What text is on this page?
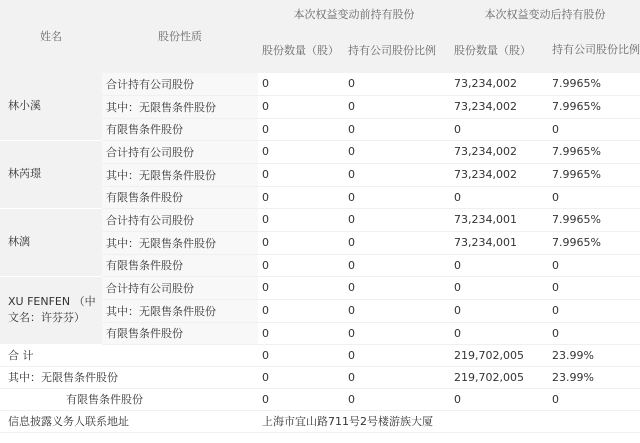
姓名	股份性质	本次权益变动前持有股份		本次权益变动后持有股份	
		股份数量（股）	持有公司股份比例	股份数量（股）	持有公司股份比例
林小溪	合计持有公司股份	0	0	73,234,002	7.9965%
	其中：无限售条件股份	0	0	73,234,002	7.9965%
	有限售条件股份	0	0	0	0
林芮璟	合计持有公司股份	0	0	73,234,002	7.9965%
	其中：无限售条件股份	0	0	73,234,002	7.9965%
	有限售条件股份	0	0	0	0
林漓	合计持有公司股份	0	0	73,234,001	7.9965%
	其中：无限售条件股份	0	0	73,234,001	7.9965%
	有限售条件股份	0	0	0	0
XU FENFEN （中文名：许芬芬）	合计持有公司股份	0	0	0	0
	其中：无限售条件股份	0	0	0	0
	有限售条件股份	0	0	0	0
合 计		0	0	219,702,005	23.99%
其中：无限售条件股份		0	0	219,702,005	23.99%
有限售条件股份		0	0	0	0
信息披露义务人联系地址		上海市宜山路711号2号楼游族大厦			
